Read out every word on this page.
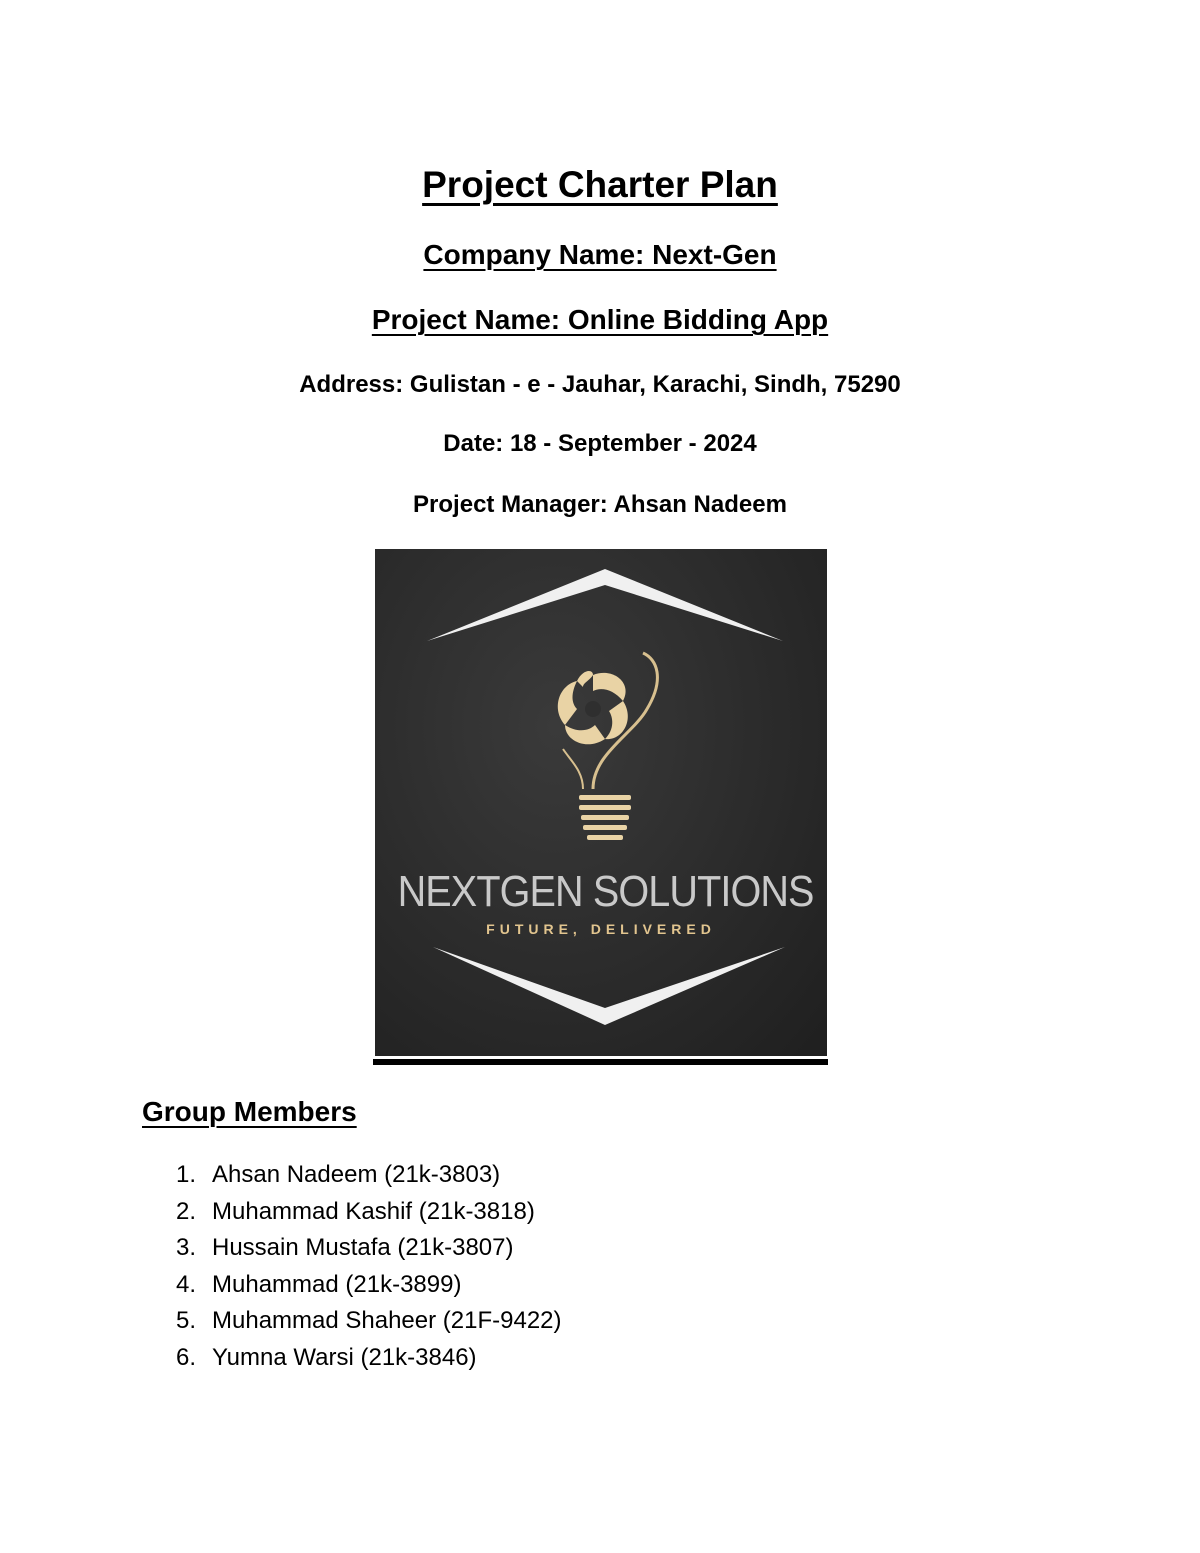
Project Charter Plan
Company Name: Next-Gen
Project Name: Online Bidding App
Address: Gulistan - e - Jauhar, Karachi, Sindh, 75290
Date: 18 - September - 2024
Project Manager: Ahsan Nadeem
NEXTGEN SOLUTIONS
FUTURE, DELIVERED
Group Members
1. Ahsan Nadeem (21k-3803)
2. Muhammad Kashif (21k-3818)
3. Hussain Mustafa (21k-3807)
4. Muhammad (21k-3899)
5. Muhammad Shaheer (21F-9422)
6. Yumna Warsi (21k-3846)
